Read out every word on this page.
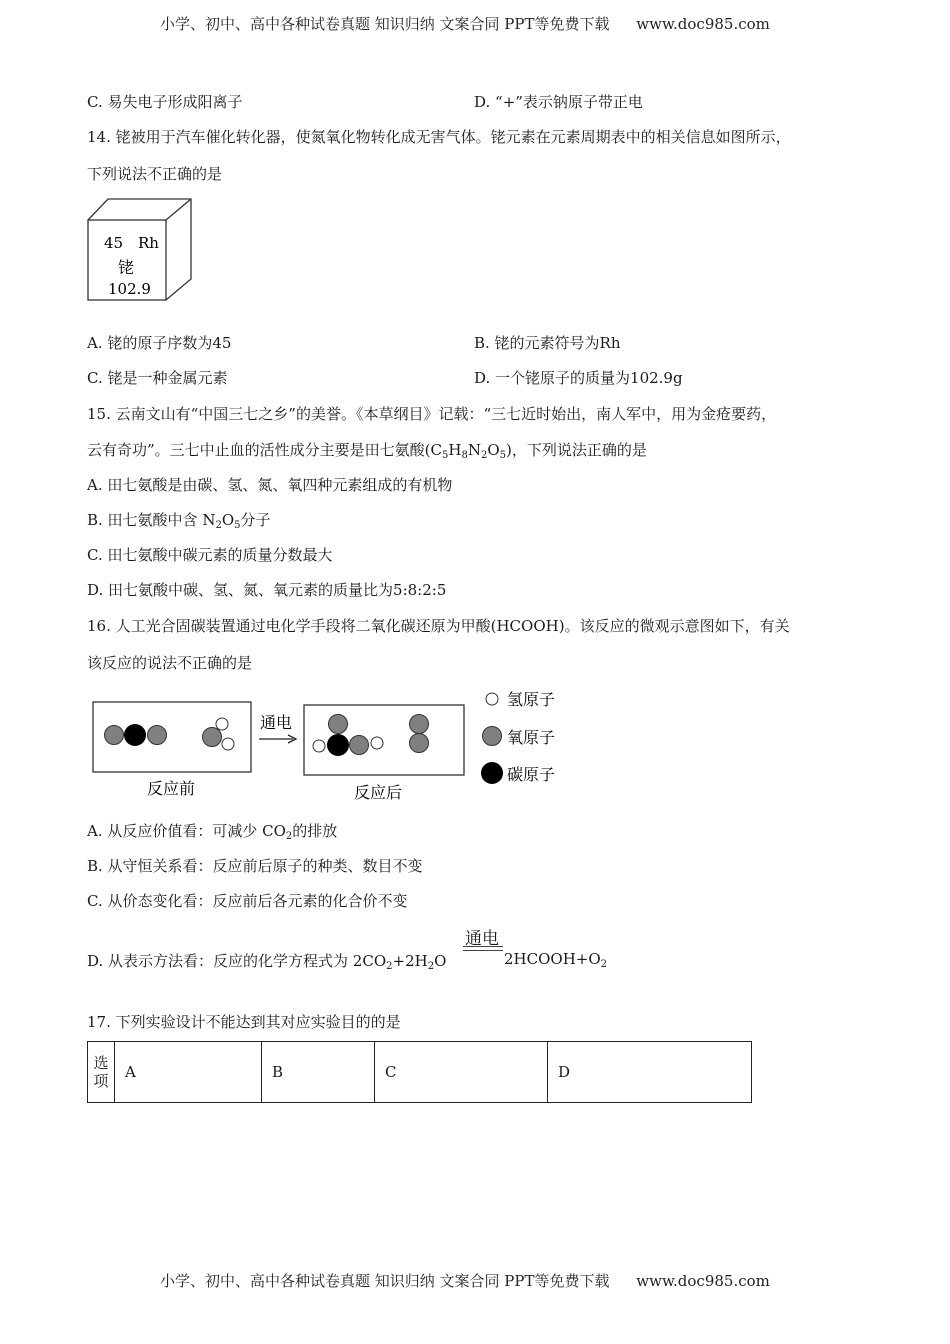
小学、初中、高中各种试卷真题 知识归纳 文案合同 PPT等免费下载 www.doc985.com
C. 易失电子形成阳离子	D. “+”表示钠原子带正电
14. 铑被用于汽车催化转化器，使氮氧化物转化成无害气体。铑元素在元素周期表中的相关信息如图所示，
下列说法不正确的是
45 Rh
铑
102.9
A. 铑的原子序数为45	B. 铑的元素符号为Rh
C. 铑是一种金属元素	D. 一个铑原子的质量为102.9g
15. 云南文山有“中国三七之乡”的美誉。《本草纲目》记载：“三七近时始出，南人军中，用为金疮要药，
云有奇功”。三七中止血的活性成分主要是田七氨酸$(C_5H_8N_2O_5)$，下列说法正确的是
A. 田七氨酸是由碳、氢、氮、氧四种元素组成的有机物
B. 田七氨酸中含 $N_2O_5$分子
C. 田七氨酸中碳元素的质量分数最大
D. 田七氨酸中碳、氢、氮、氧元素的质量比为5:8:2:5
16. 人工光合固碳装置通过电化学手段将二氧化碳还原为甲酸(HCOOH)。该反应的微观示意图如下，有关
该反应的说法不正确的是
反应前
通电
反应后
氢原子
氧原子
碳原子
A. 从反应价值看：可减少 $CO_2$的排放
B. 从守恒关系看：反应前后原子的种类、数目不变
C. 从价态变化看：反应前后各元素的化合价不变
D. 从表示方法看：反应的化学方程式为 $2CO_2+2H_2O$
通电
$2HCOOH+O_2$
17. 下列实验设计不能达到其对应实验目的的是
选项	A	B	C	D
小学、初中、高中各种试卷真题 知识归纳 文案合同 PPT等免费下载 www.doc985.com
